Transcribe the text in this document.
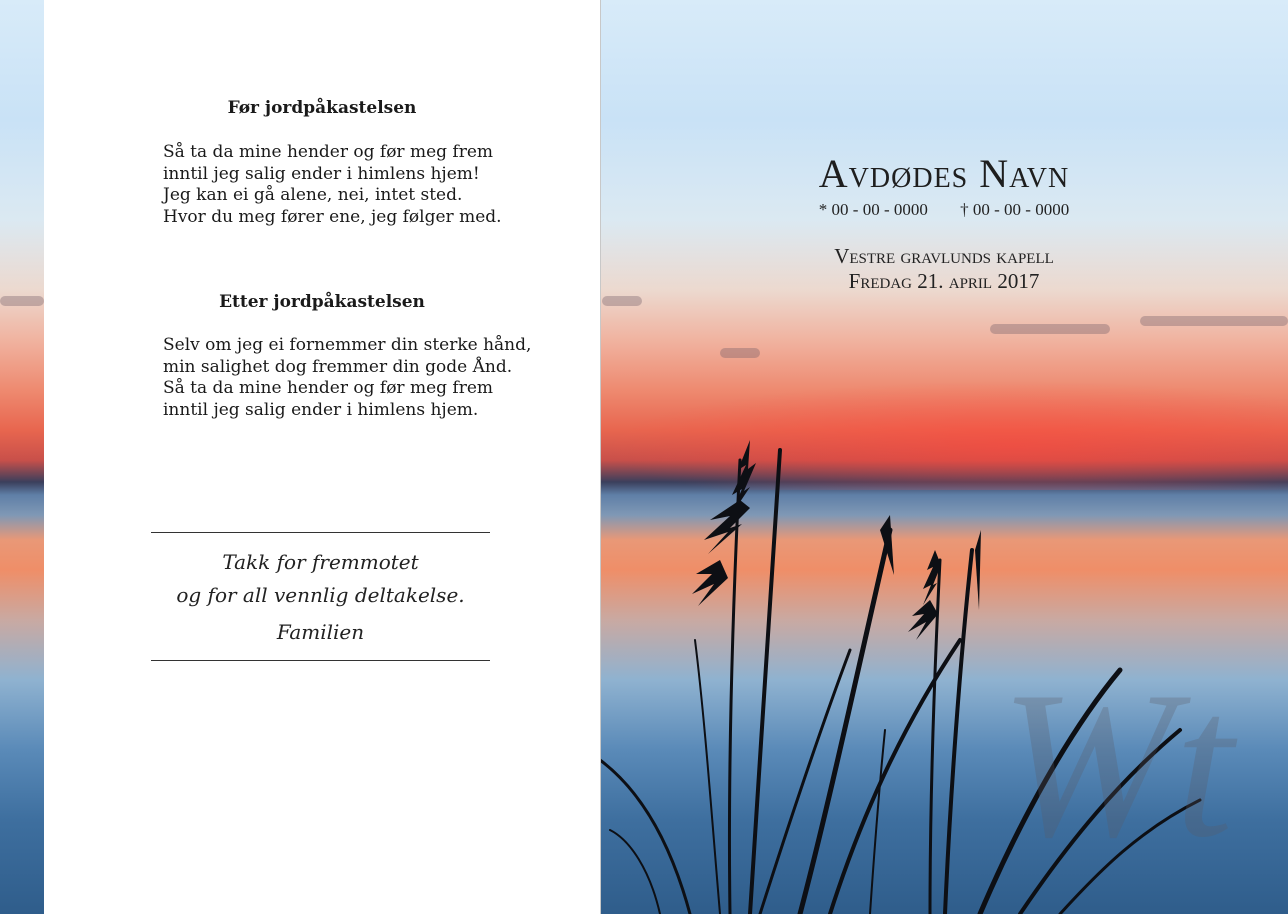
Wt
Før jordpåkastelsen
Så ta da mine hender og før meg frem
inntil jeg salig ender i himlens hjem!
Jeg kan ei gå alene, nei, intet sted.
Hvor du meg fører ene, jeg følger med.
Etter jordpåkastelsen
Selv om jeg ei fornemmer din sterke hånd,
min salighet dog fremmer din gode Ånd.
Så ta da mine hender og før meg frem
inntil jeg salig ender i himlens hjem.
Takk for fremmotet
og for all vennlig deltakelse.
Familien
Avdødes Navn
* 00 - 00 - 0000 † 00 - 00 - 0000
Vestre gravlunds kapell
Fredag 21. april 2017
